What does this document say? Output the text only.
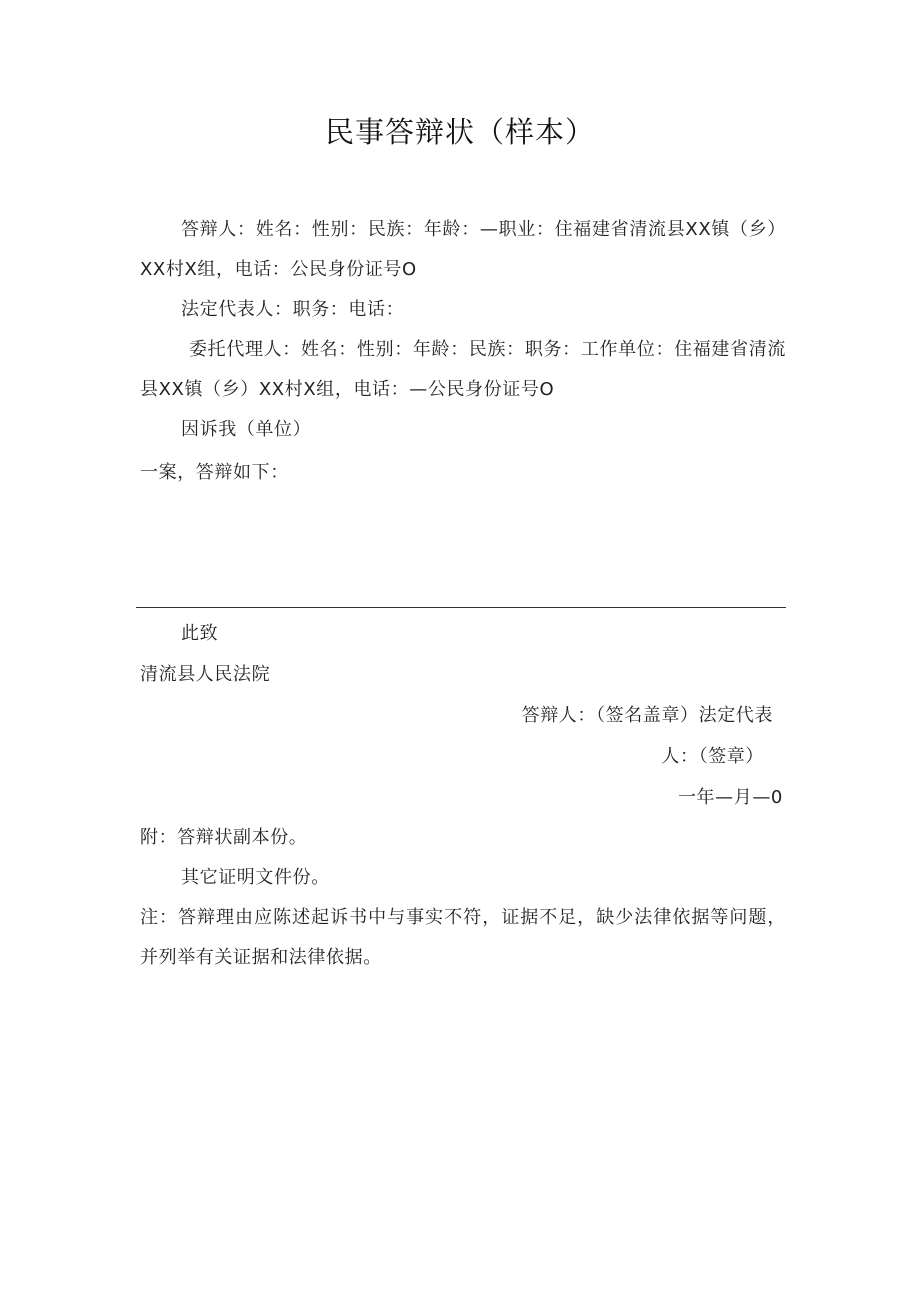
民事答辩状（样本）

答辩人：姓名：性别：民族：年龄：—职业：住福建省清流县XX镇（乡）XX村X组，电话：公民身份证号O

法定代表人：职务：电话：

委托代理人：姓名：性别：年龄：民族：职务：工作单位：住福建省清流县XX镇（乡）XX村X组，电话：—公民身份证号O

因诉我（单位）

一案，答辩如下：

此致

清流县人民法院

答辩人：（签名盖章）法定代表
人：（签章）
一年—月—0

附：答辩状副本份。

其它证明文件份。

注：答辩理由应陈述起诉书中与事实不符，证据不足，缺少法律依据等问题，并列举有关证据和法律依据。
